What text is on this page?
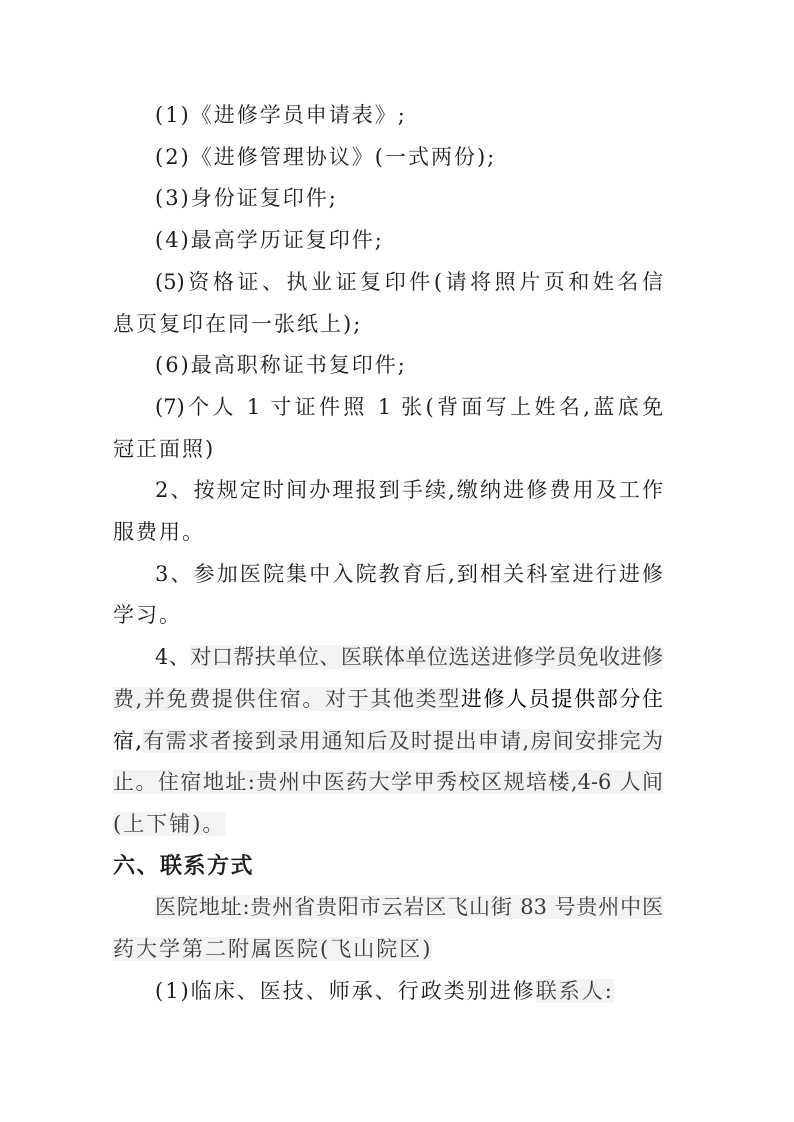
(1)《进修学员申请表》;
(2)《进修管理协议》(一式两份);
(3)身份证复印件;
(4)最高学历证复印件;
(5)资格证、执业证复印件(请将照片页和姓名信
息页复印在同一张纸上);
(6)最高职称证书复印件;
(7)个人 1 寸证件照 1 张(背面写上姓名,蓝底免
冠正面照)
2、按规定时间办理报到手续,缴纳进修费用及工作
服费用。
3、参加医院集中入院教育后,到相关科室进行进修
学习。
4、对口帮扶单位、医联体单位选送进修学员免收进修
费,并免费提供住宿。对于其他类型进修人员提供部分住
宿,有需求者接到录用通知后及时提出申请,房间安排完为
止。住宿地址:贵州中医药大学甲秀校区规培楼,4-6 人间
(上下铺)。
六、联系方式
医院地址:贵州省贵阳市云岩区飞山街 83 号贵州中医
药大学第二附属医院(飞山院区)
(1)临床、医技、师承、行政类别进修联系人:
